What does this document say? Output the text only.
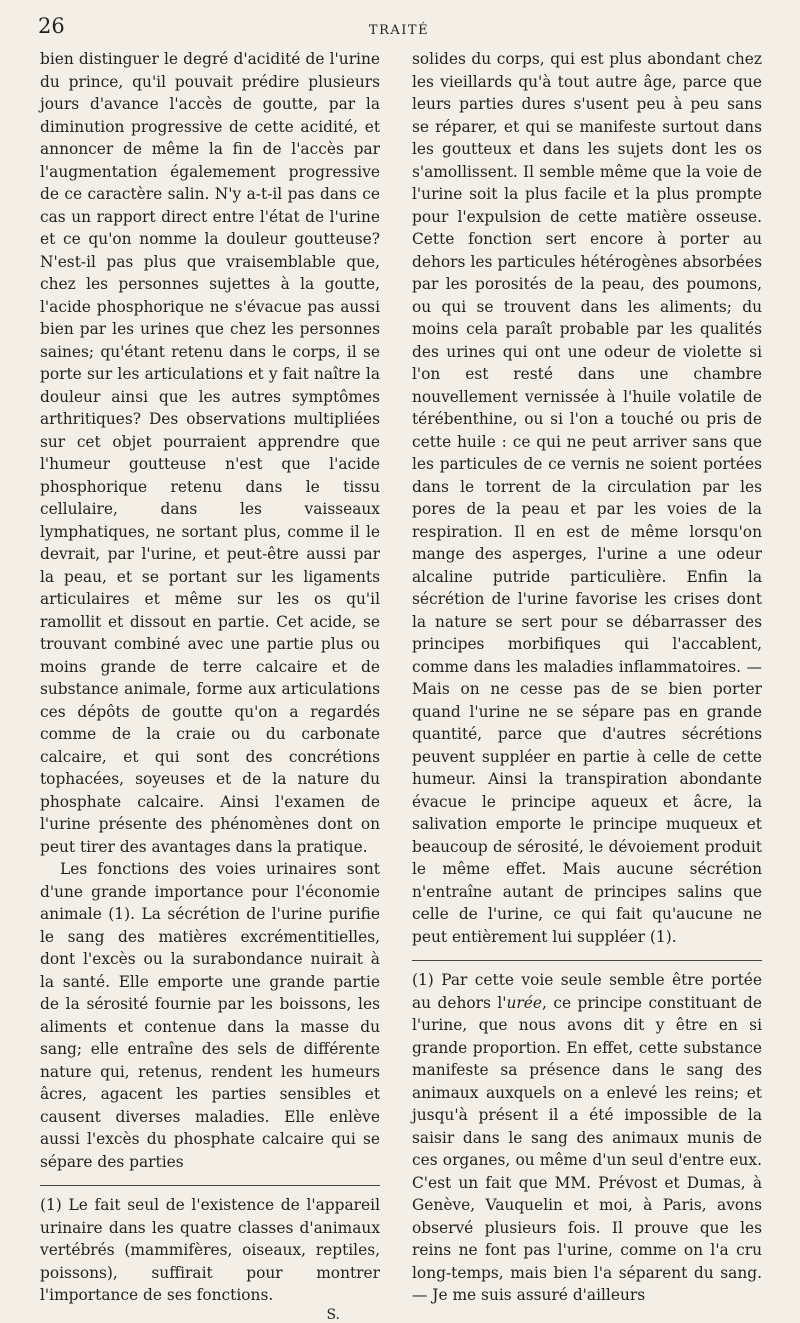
26	TRAITÉ

bien distinguer le degré d'acidité de l'urine du prince, qu'il pouvait prédire plusieurs jours d'avance l'accès de goutte, par la diminution progressive de cette acidité, et annoncer de même la fin de l'accès par l'augmentation égalemement progressive de ce caractère salin. N'y a-t-il pas dans ce cas un rapport direct entre l'état de l'urine et ce qu'on nomme la douleur goutteuse? N'est-il pas plus que vraisemblable que, chez les personnes sujettes à la goutte, l'acide phosphorique ne s'évacue pas aussi bien par les urines que chez les personnes saines; qu'étant retenu dans le corps, il se porte sur les articulations et y fait naître la douleur ainsi que les autres symptômes arthritiques? Des observations multipliées sur cet objet pourraient apprendre que l'humeur goutteuse n'est que l'acide phosphorique retenu dans le tissu cellulaire, dans les vaisseaux lymphatiques, ne sortant plus, comme il le devrait, par l'urine, et peut-être aussi par la peau, et se portant sur les ligaments articulaires et même sur les os qu'il ramollit et dissout en partie. Cet acide, se trouvant combiné avec une partie plus ou moins grande de terre calcaire et de substance animale, forme aux articulations ces dépôts de goutte qu'on a regardés comme de la craie ou du carbonate calcaire, et qui sont des concrétions tophacées, soyeuses et de la nature du phosphate calcaire. Ainsi l'examen de l'urine présente des phénomènes dont on peut tirer des avantages dans la pratique.

Les fonctions des voies urinaires sont d'une grande importance pour l'économie animale (1). La sécrétion de l'urine purifie le sang des matières excrémentitielles, dont l'excès ou la surabondance nuirait à la santé. Elle emporte une grande partie de la sérosité fournie par les boissons, les aliments et contenue dans la masse du sang; elle entraîne des sels de différente nature qui, retenus, rendent les humeurs âcres, agacent les parties sensibles et causent diverses maladies. Elle enlève aussi l'excès du phosphate calcaire qui se sépare des parties

(1) Le fait seul de l'existence de l'appareil urinaire dans les quatre classes d'animaux vertébrés (mammifères, oiseaux, reptiles, poissons), suffirait pour montrer l'importance de ses fonctions.

S.

solides du corps, qui est plus abondant chez les vieillards qu'à tout autre âge, parce que leurs parties dures s'usent peu à peu sans se réparer, et qui se manifeste surtout dans les goutteux et dans les sujets dont les os s'amollissent. Il semble même que la voie de l'urine soit la plus facile et la plus prompte pour l'expulsion de cette matière osseuse. Cette fonction sert encore à porter au dehors les particules hétérogènes absorbées par les porosités de la peau, des poumons, ou qui se trouvent dans les aliments; du moins cela paraît probable par les qualités des urines qui ont une odeur de violette si l'on est resté dans une chambre nouvellement vernissée à l'huile volatile de térébenthine, ou si l'on a touché ou pris de cette huile : ce qui ne peut arriver sans que les particules de ce vernis ne soient portées dans le torrent de la circulation par les pores de la peau et par les voies de la respiration. Il en est de même lorsqu'on mange des asperges, l'urine a une odeur alcaline putride particulière. Enfin la sécrétion de l'urine favorise les crises dont la nature se sert pour se débarrasser des principes morbifiques qui l'accablent, comme dans les maladies inflammatoires. — Mais on ne cesse pas de se bien porter quand l'urine ne se sépare pas en grande quantité, parce que d'autres sécrétions peuvent suppléer en partie à celle de cette humeur. Ainsi la transpiration abondante évacue le principe aqueux et âcre, la salivation emporte le principe muqueux et beaucoup de sérosité, le dévoiement produit le même effet. Mais aucune sécrétion n'entraîne autant de principes salins que celle de l'urine, ce qui fait qu'aucune ne peut entièrement lui suppléer (1).

(1) Par cette voie seule semble être portée au dehors l'urée, ce principe constituant de l'urine, que nous avons dit y être en si grande proportion. En effet, cette substance manifeste sa présence dans le sang des animaux auxquels on a enlevé les reins; et jusqu'à présent il a été impossible de la saisir dans le sang des animaux munis de ces organes, ou même d'un seul d'entre eux. C'est un fait que MM. Prévost et Dumas, à Genève, Vauquelin et moi, à Paris, avons observé plusieurs fois. Il prouve que les reins ne font pas l'urine, comme on l'a cru long-temps, mais bien l'a séparent du sang. — Je me suis assuré d'ailleurs
